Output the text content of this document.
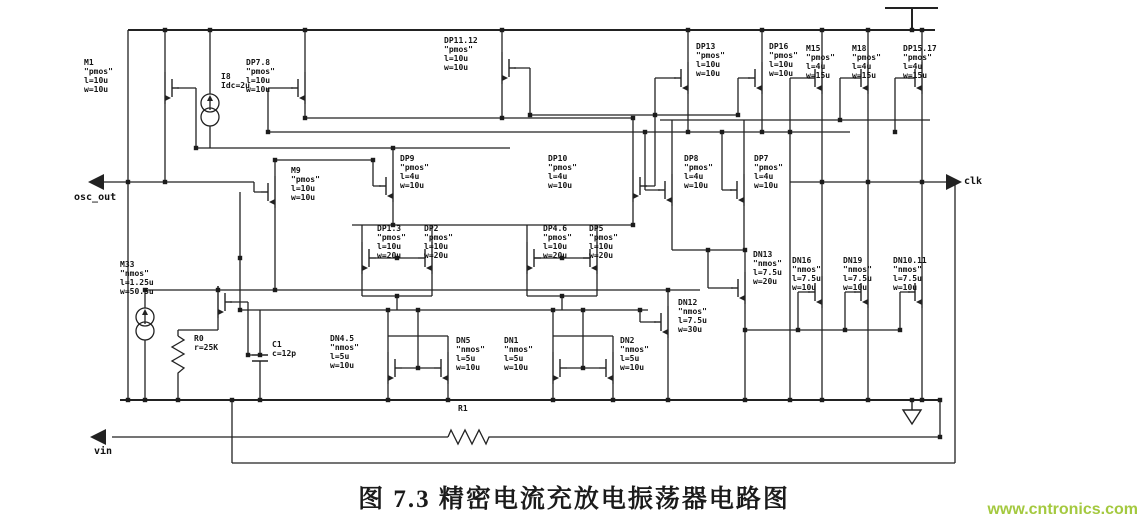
M1
"pmos"
l=10u
w=10u
DP7.8
"pmos"
l=10u
w=10u
M9
"pmos"
l=10u
w=10u
DP11.12
"pmos"
l=10u
w=10u
DP13
"pmos"
l=10u
w=10u
DP16
"pmos"
l=10u
w=10u
M15
"pmos"
l=4u
w=15u
M18
"pmos"
l=4u
w=15u
DP15.17
"pmos"
l=4u
w=15u
DP9
"pmos"
l=4u
w=10u
DP10
"pmos"
l=4u
w=10u
DP8
"pmos"
l=4u
w=10u
DP7
"pmos"
l=4u
w=10u
DP1.3
"pmos"
l=10u
w=20u
DP2
"pmos"
l=10u
w=20u
DP4.6
"pmos"
l=10u
w=20u
DP5
"pmos"
l=10u
w=20u
DN12
"nmos"
l=7.5u
w=30u
DN13
"nmos"
l=7.5u
w=20u
DN16
"nmos"
l=7.5u
w=10u
DN19
"nmos"
l=7.5u
w=10u
DN10.11
"nmos"
l=7.5u
w=10u
DN4.5
"nmos"
l=5u
w=10u
DN5
"nmos"
l=5u
w=10u
DN1
"nmos"
l=5u
w=10u
DN2
"nmos"
l=5u
w=10u
M33
"nmos"
l=1.25u
w=50.5u
I8
Idc=2u
R0
r=25K	C1
c=12p
R1
osc_out
vin
clk
图 7.3 精密电流充放电振荡器电路图	www.cntronics.com
